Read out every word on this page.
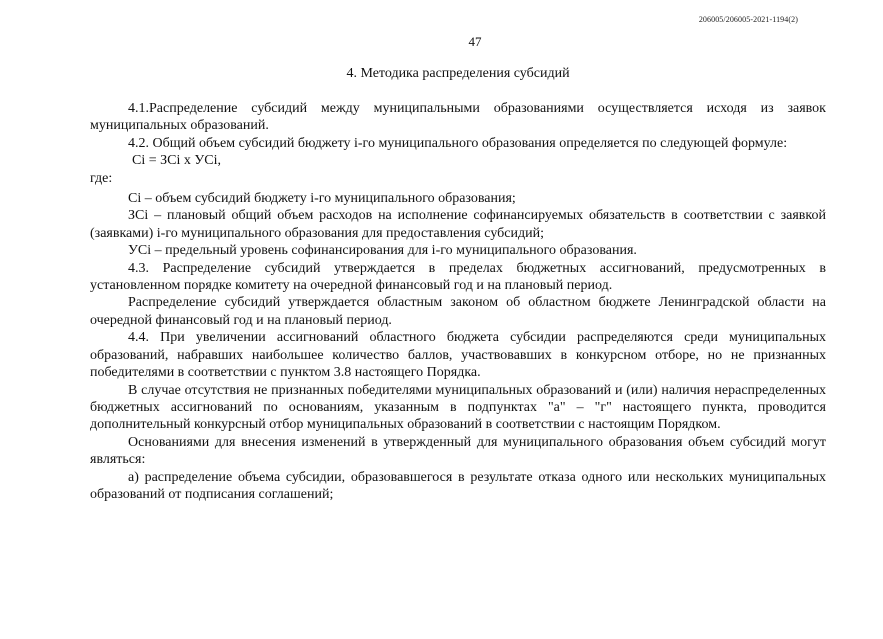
206005/206005-2021-1194(2)
47
4. Методика распределения субсидий

4.1.Распределение субсидий между муниципальными образованиями осуществляется исходя из заявок муниципальных образований.

4.2. Общий объем субсидий бюджету i-го муниципального образования определяется по следующей формуле:

Ci = ЗCi x УCi,

где:

Ci – объем субсидий бюджету i-го муниципального образования;

ЗCi – плановый общий объем расходов на исполнение софинансируемых обязательств в соответствии с заявкой (заявками) i-го муниципального образования для предоставления субсидий;

УCi – предельный уровень софинансирования для i-го муниципального образования.

4.3. Распределение субсидий утверждается в пределах бюджетных ассигнований, предусмотренных в установленном порядке комитету на очередной финансовый год и на плановый период.

Распределение субсидий утверждается областным законом об областном бюджете Ленинградской области на очередной финансовый год и на плановый период.

4.4. При увеличении ассигнований областного бюджета субсидии распределяются среди муниципальных образований, набравших наибольшее количество баллов, участвовавших в конкурсном отборе, но не признанных победителями в соответствии с пунктом 3.8 настоящего Порядка.

В случае отсутствия не признанных победителями муниципальных образований и (или) наличия нераспределенных бюджетных ассигнований по основаниям, указанным в подпунктах "а" – "г" настоящего пункта, проводится дополнительный конкурсный отбор муниципальных образований в соответствии с настоящим Порядком.

Основаниями для внесения изменений в утвержденный для муниципального образования объем субсидий могут являться:

а) распределение объема субсидии, образовавшегося в результате отказа одного или нескольких муниципальных образований от подписания соглашений;
